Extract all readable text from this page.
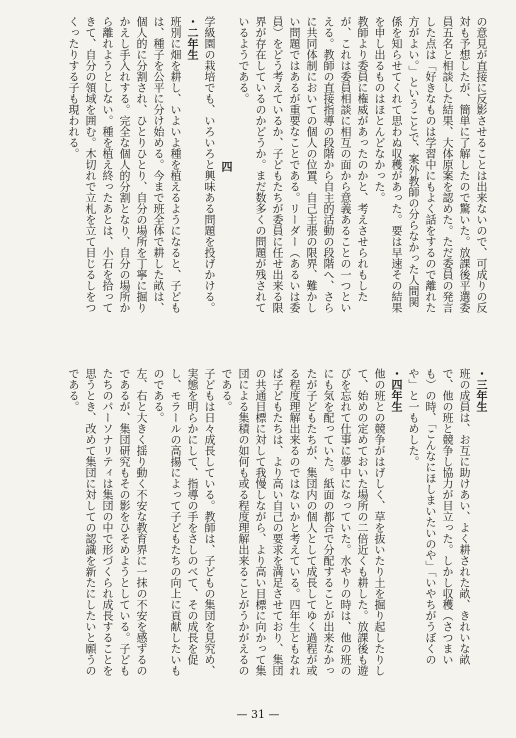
の意見が直接に反影させることは出来ないので、可成りの反対も予想したが、簡単に了解したので驚いた。放課後平選委員五名と相談した結果、大体原案を認めた。ただ委員の発言した点は「好きなものは学習中にもよく話をするので離れた方がよい。」ということで、案外教師の分らなかった人間関係を知らせてくれて思わぬ収穫があった。要は早速その結果を申し出るものはほとんどなかった。

教師より委員に権威があったのかと、考えさせられもしたが、これは委員相談に相互の面から意義あることの一つといえる。教師の直接指導の段階から自主的活動の段階へ、さらに共同体制においての個人の位置、自己主張の限界、難かしい問題ではあるが重要なことである。リーダー（あるいは委員）をどう考えているか、子どもたちが委員に任せ出来る限界が存在しているのかどうか。まだ数多くの問題が残されているようである。

四

学級園の栽培でも、いろいろと興味ある問題を投げかける。

・二年生

班別に畑を耕し、いよいよ種を植えるようになると、子どもは、種子を公平に分け始める。今まで班全体で耕した畝は、個人的に分割され、ひとりひとり、自分の場所を丁寧に掘りかえし手入れする。完全な個人的分割となり、自分の場所から離れようとしない。種を植え終ったあとは、小石を拾ってきて、自分の領域を囲む。木切れで立札を立て目じるしをつくったりする子も現われる。

・三年生

班の成員は、お互に助けあい、よく耕された畝、きれいな畝で、他の班と競争し協力が目立った。しかし収穫（さつまいも）の時、「こんなにほしまいたいのや」「いやちがうぼくのや」と一もめした。

・四年生

他の班との競争がはげしく、草を抜いたり土を掘り起したりして、始めの定めておいた場所の二倍近くも耕した。放課後も遊びを忘れて仕事に夢中になっていた。水やりの時は、他の班のにも気を配っていた。紙面の都合で分配することが出来なかったが子どもたちが、集団内の個人として成長してゆく過程が或る程度理解出来るのではないかと考えている。四年生ともなれば子どもたちは、より高い自己の要求を満足させており、集団の共通目標に対して我慢しながら、より高い目標に向かって集団による集積の如何も或る程度理解出来ることがうかがえるのである。

子どもは日々成長している。教師は、子どもの集団を見究め、実態を明らかにして、指導の手をさしのべて、その成長を促し、モラールの高揚によって子どもたちの向上に貢献したいものである。

左、右と大きく揺り動く不安な教育界に一抹の不安を感ずるのであるが、集団研究もその影をひそめようとしている。子どもたちのパーソナリティは集団の中で形づくられ成長することを思うとき、改めて集団に対しての認識を新たにしたいと願うのである。

— 31 —
